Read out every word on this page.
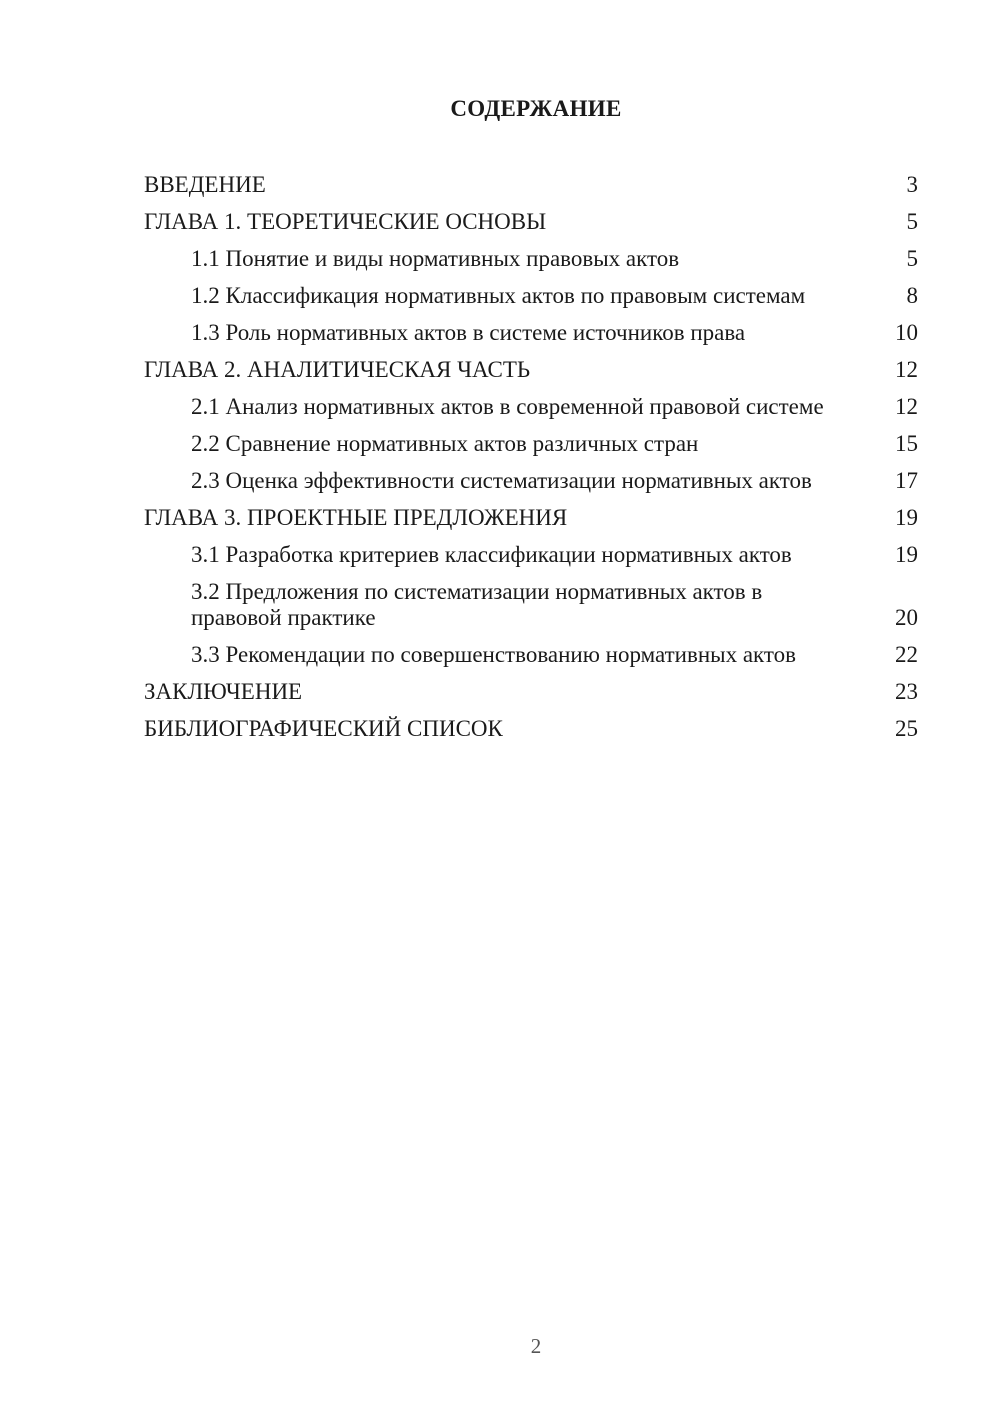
СОДЕРЖАНИЕ
ВВЕДЕНИЕ	3
ГЛАВА 1. ТЕОРЕТИЧЕСКИЕ ОСНОВЫ	5
1.1 Понятие и виды нормативных правовых актов	5
1.2 Классификация нормативных актов по правовым системам	8
1.3 Роль нормативных актов в системе источников права	10
ГЛАВА 2. АНАЛИТИЧЕСКАЯ ЧАСТЬ	12
2.1 Анализ нормативных актов в современной правовой системе	12
2.2 Сравнение нормативных актов различных стран	15
2.3 Оценка эффективности систематизации нормативных актов	17
ГЛАВА 3. ПРОЕКТНЫЕ ПРЕДЛОЖЕНИЯ	19
3.1 Разработка критериев классификации нормативных актов	19
3.2 Предложения по систематизации нормативных актов в правовой практике	20
3.3 Рекомендации по совершенствованию нормативных актов	22
ЗАКЛЮЧЕНИЕ	23
БИБЛИОГРАФИЧЕСКИЙ СПИСОК	25
2
